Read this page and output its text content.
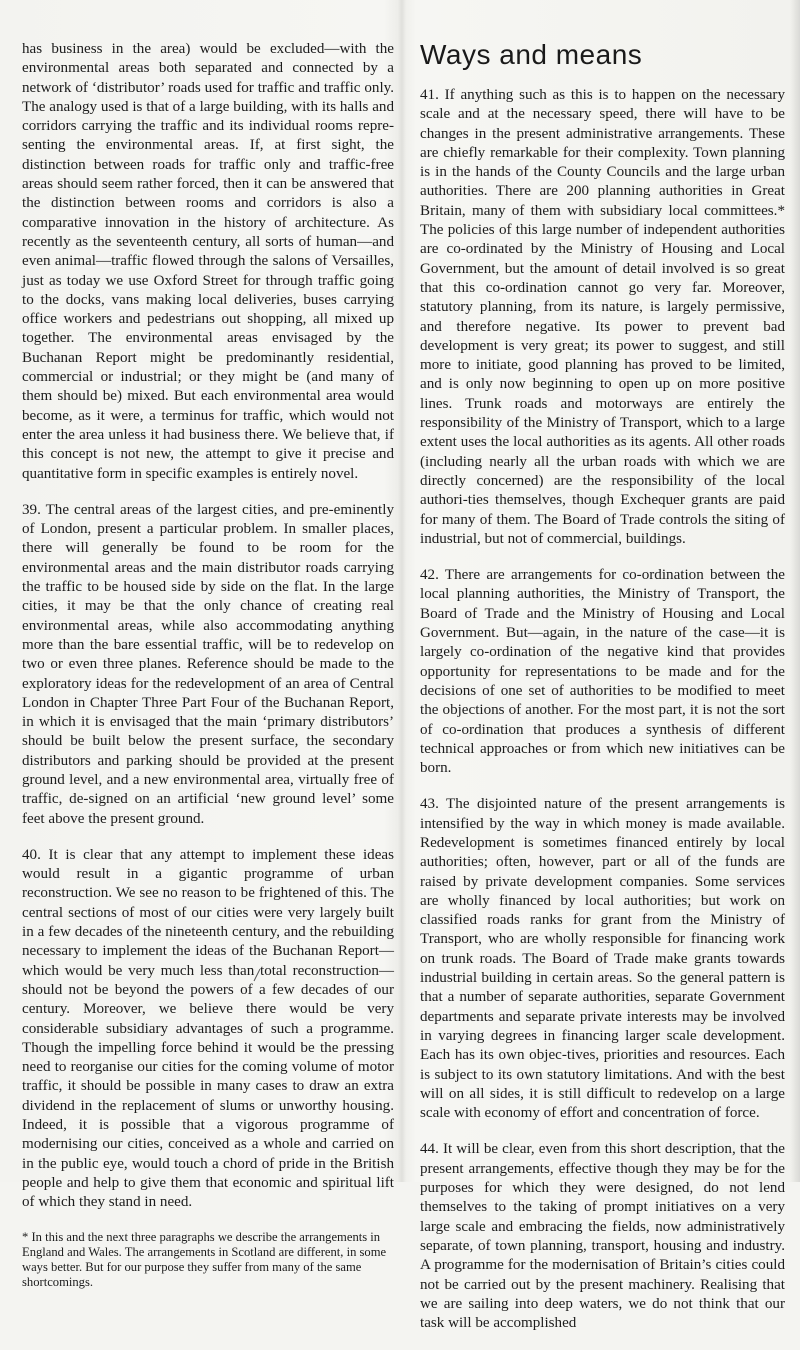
has business in the area) would be excluded—with the environmental areas both separated and connected by a network of ‘distributor’ roads used for traffic and traffic only. The analogy used is that of a large building, with its halls and corridors carrying the traffic and its individual rooms repre-senting the environmental areas. If, at first sight, the distinction between roads for traffic only and traffic-free areas should seem rather forced, then it can be answered that the distinction between rooms and corridors is also a comparative innovation in the history of architecture. As recently as the seventeenth century, all sorts of human—and even animal—traffic flowed through the salons of Versailles, just as today we use Oxford Street for through traffic going to the docks, vans making local deliveries, buses carrying office workers and pedestrians out shopping, all mixed up together. The environmental areas envisaged by the Buchanan Report might be predominantly residential, commercial or industrial; or they might be (and many of them should be) mixed. But each environmental area would become, as it were, a terminus for traffic, which would not enter the area unless it had business there. We believe that, if this concept is not new, the attempt to give it precise and quantitative form in specific examples is entirely novel.

39. The central areas of the largest cities, and pre-eminently of London, present a particular problem. In smaller places, there will generally be found to be room for the environmental areas and the main distributor roads carrying the traffic to be housed side by side on the flat. In the large cities, it may be that the only chance of creating real environmental areas, while also accommodating anything more than the bare essential traffic, will be to redevelop on two or even three planes. Reference should be made to the exploratory ideas for the redevelopment of an area of Central London in Chapter Three Part Four of the Buchanan Report, in which it is envisaged that the main ‘primary distributors’ should be built below the present surface, the secondary distributors and parking should be provided at the present ground level, and a new environmental area, virtually free of traffic, de-signed on an artificial ‘new ground level’ some feet above the present ground.

40. It is clear that any attempt to implement these ideas would result in a gigantic programme of urban reconstruction. We see no reason to be frightened of this. The central sections of most of our cities were very largely built in a few decades of the nineteenth century, and the rebuilding necessary to implement the ideas of the Buchanan Report—which would be very much less than total reconstruction—should not be beyond the powers of a few decades of our century. Moreover, we believe there would be very considerable subsidiary advantages of such a programme. Though the impelling force behind it would be the pressing need to reorganise our cities for the coming volume of motor traffic, it should be possible in many cases to draw an extra dividend in the replacement of slums or unworthy housing. Indeed, it is possible that a vigorous programme of modernising our cities, conceived as a whole and carried on in the public eye, would touch a chord of pride in the British people and help to give them that economic and spiritual lift of which they stand in need.

* In this and the next three paragraphs we describe the arrangements in England and Wales. The arrangements in Scotland are different, in some ways better. But for our purpose they suffer from many of the same shortcomings.

Ways and means

41. If anything such as this is to happen on the necessary scale and at the necessary speed, there will have to be changes in the present administrative arrangements. These are chiefly remarkable for their complexity. Town planning is in the hands of the County Councils and the large urban authorities. There are 200 planning authorities in Great Britain, many of them with subsidiary local committees.* The policies of this large number of independent authorities are co-ordinated by the Ministry of Housing and Local Government, but the amount of detail involved is so great that this co-ordination cannot go very far. Moreover, statutory planning, from its nature, is largely permissive, and therefore negative. Its power to prevent bad development is very great; its power to suggest, and still more to initiate, good planning has proved to be limited, and is only now beginning to open up on more positive lines. Trunk roads and motorways are entirely the responsibility of the Ministry of Transport, which to a large extent uses the local authorities as its agents. All other roads (including nearly all the urban roads with which we are directly concerned) are the responsibility of the local authori-ties themselves, though Exchequer grants are paid for many of them. The Board of Trade controls the siting of industrial, but not of commercial, buildings.

42. There are arrangements for co-ordination between the local planning authorities, the Ministry of Transport, the Board of Trade and the Ministry of Housing and Local Government. But—again, in the nature of the case—it is largely co-ordination of the negative kind that provides opportunity for representations to be made and for the decisions of one set of authorities to be modified to meet the objections of another. For the most part, it is not the sort of co-ordination that produces a synthesis of different technical approaches or from which new initiatives can be born.

43. The disjointed nature of the present arrangements is intensified by the way in which money is made available. Redevelopment is sometimes financed entirely by local authorities; often, however, part or all of the funds are raised by private development companies. Some services are wholly financed by local authorities; but work on classified roads ranks for grant from the Ministry of Transport, who are wholly responsible for financing work on trunk roads. The Board of Trade make grants towards industrial building in certain areas. So the general pattern is that a number of separate authorities, separate Government departments and separate private interests may be involved in varying degrees in financing larger scale development. Each has its own objec-tives, priorities and resources. Each is subject to its own statutory limitations. And with the best will on all sides, it is still difficult to redevelop on a large scale with economy of effort and concentration of force.

44. It will be clear, even from this short description, that the present arrangements, effective though they may be for the purposes for which they were designed, do not lend themselves to the taking of prompt initiatives on a very large scale and embracing the fields, now administratively separate, of town planning, transport, housing and industry. A programme for the modernisation of Britain’s cities could not be carried out by the present machinery. Realising that we are sailing into deep waters, we do not think that our task will be accomplished
